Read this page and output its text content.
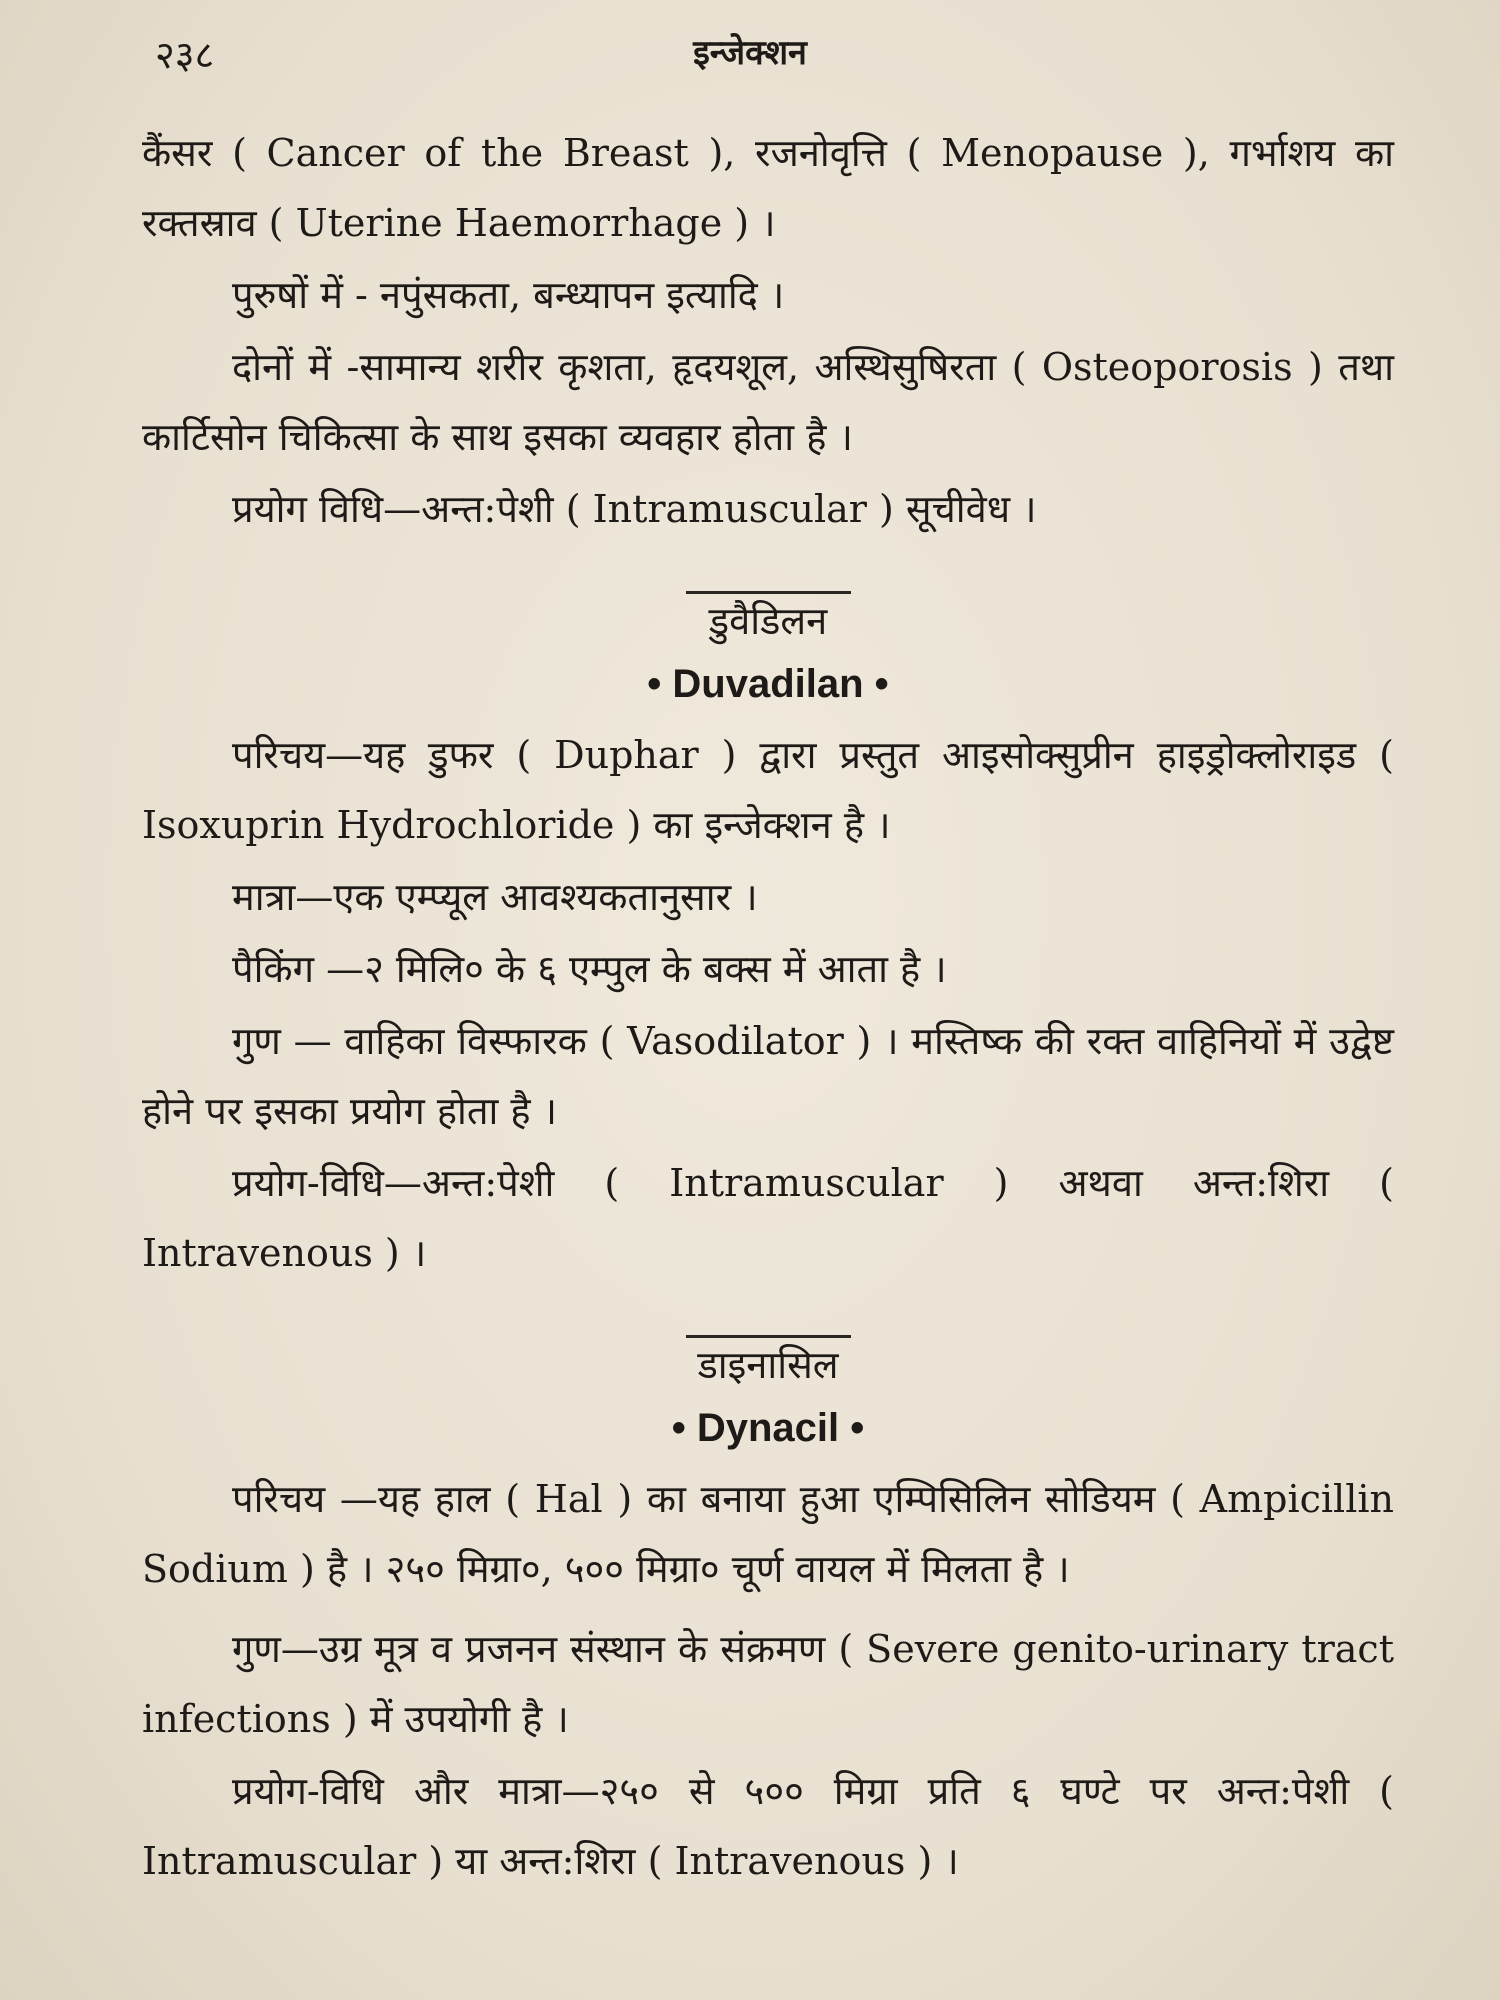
२३८	इन्जेक्शन

कैंसर ( Cancer of the Breast ), रजनोवृत्ति ( Menopause ), गर्भाशय का रक्तस्राव ( Uterine Haemorrhage ) ।

पुरुषों में - नपुंसकता, बन्ध्यापन इत्यादि ।

दोनों में -सामान्य शरीर कृशता, हृदयशूल, अस्थिसुषिरता ( Osteoporosis ) तथा कार्टिसोन चिकित्सा के साथ इसका व्यवहार होता है ।

प्रयोग विधि—अन्त:पेशी ( Intramuscular ) सूचीवेध ।

डुवैडिलन
• Duvadilan •

परिचय—यह डुफर ( Duphar ) द्वारा प्रस्तुत आइसोक्सुप्रीन हाइड्रोक्लोराइड ( Isoxuprin Hydrochloride ) का इन्जेक्शन है ।

मात्रा—एक एम्प्यूल आवश्यकतानुसार ।

पैकिंग —२ मिलि० के ६ एम्पुल के बक्स में आता है ।

गुण — वाहिका विस्फारक ( Vasodilator ) । मस्तिष्क की रक्त वाहिनियों में उद्वेष्ट होने पर इसका प्रयोग होता है ।

प्रयोग-विधि—अन्त:पेशी ( Intramuscular ) अथवा अन्त:शिरा ( Intravenous ) ।

डाइनासिल
• Dynacil •

परिचय —यह हाल ( Hal ) का बनाया हुआ एम्पिसिलिन सोडियम ( Ampicillin Sodium ) है । २५० मिग्रा०, ५०० मिग्रा० चूर्ण वायल में मिलता है ।

गुण—उग्र मूत्र व प्रजनन संस्थान के संक्रमण ( Severe genito-urinary tract infections ) में उपयोगी है ।

प्रयोग-विधि और मात्रा—२५० से ५०० मिग्रा प्रति ६ घण्टे पर अन्त:पेशी ( Intramuscular ) या अन्त:शिरा ( Intravenous ) ।
